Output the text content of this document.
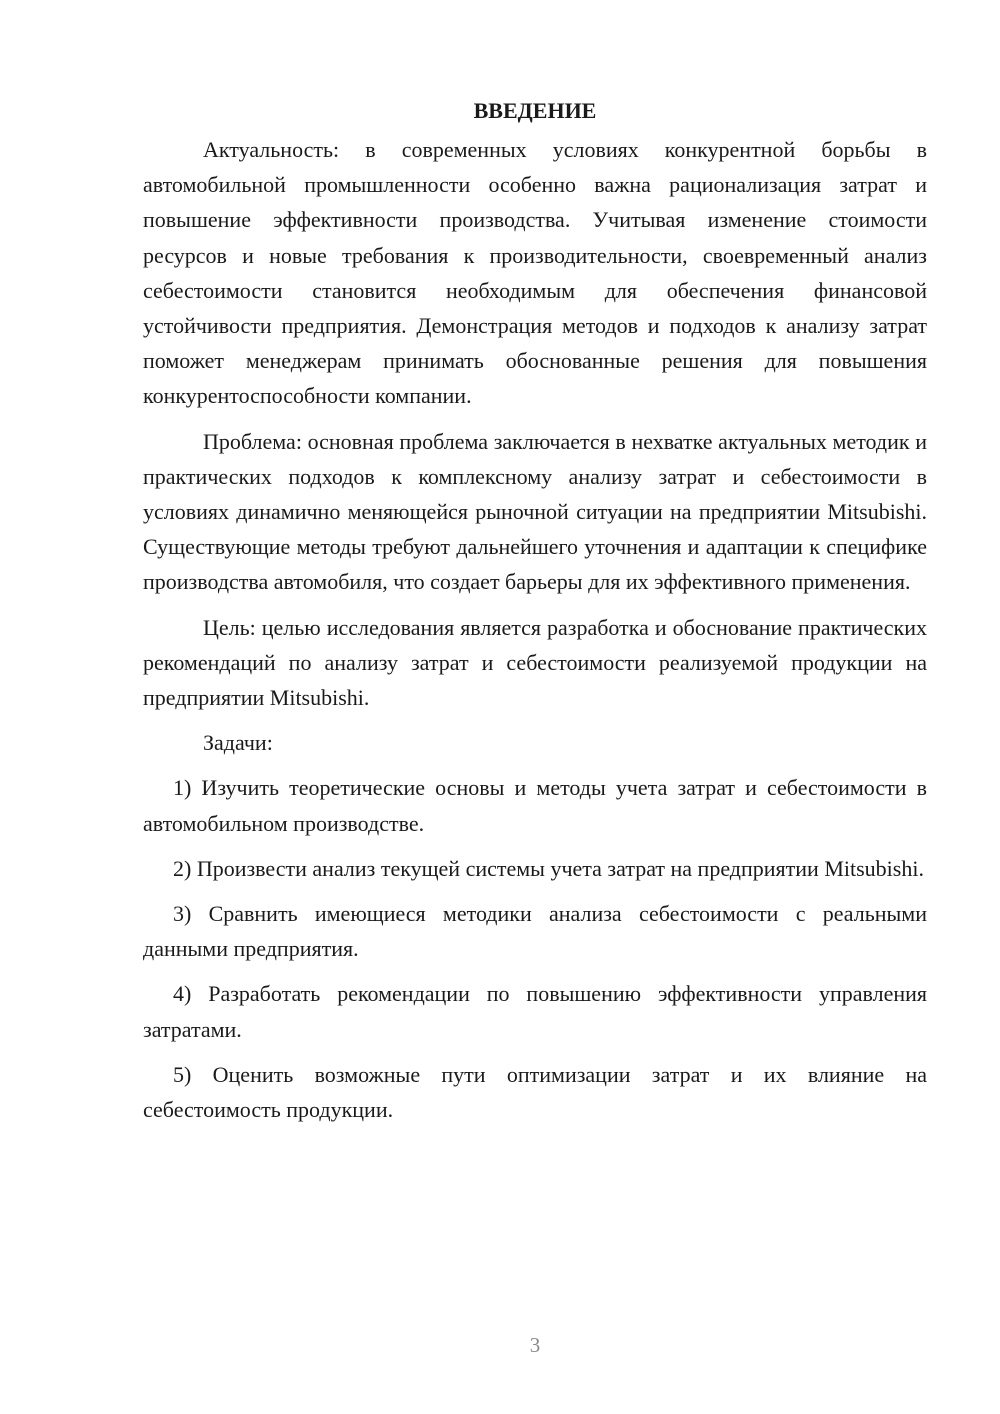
ВВЕДЕНИЕ

Актуальность: в современных условиях конкурентной борьбы в автомобильной промышленности особенно важна рационализация затрат и повышение эффективности производства. Учитывая изменение стоимости ресурсов и новые требования к производительности, своевременный анализ себестоимости становится необходимым для обеспечения финансовой устойчивости предприятия. Демонстрация методов и подходов к анализу затрат поможет менеджерам принимать обоснованные решения для повышения конкурентоспособности компании.

Проблема: основная проблема заключается в нехватке актуальных методик и практических подходов к комплексному анализу затрат и себестоимости в условиях динамично меняющейся рыночной ситуации на предприятии Mitsubishi. Существующие методы требуют дальнейшего уточнения и адаптации к специфике производства автомобиля, что создает барьеры для их эффективного применения.

Цель: целью исследования является разработка и обоснование практических рекомендаций по анализу затрат и себестоимости реализуемой продукции на предприятии Mitsubishi.

Задачи:

1) Изучить теоретические основы и методы учета затрат и себестоимости в автомобильном производстве.

2) Произвести анализ текущей системы учета затрат на предприятии Mitsubishi.

3) Сравнить имеющиеся методики анализа себестоимости с реальными данными предприятия.

4) Разработать рекомендации по повышению эффективности управления затратами.

5) Оценить возможные пути оптимизации затрат и их влияние на себестоимость продукции.

3
